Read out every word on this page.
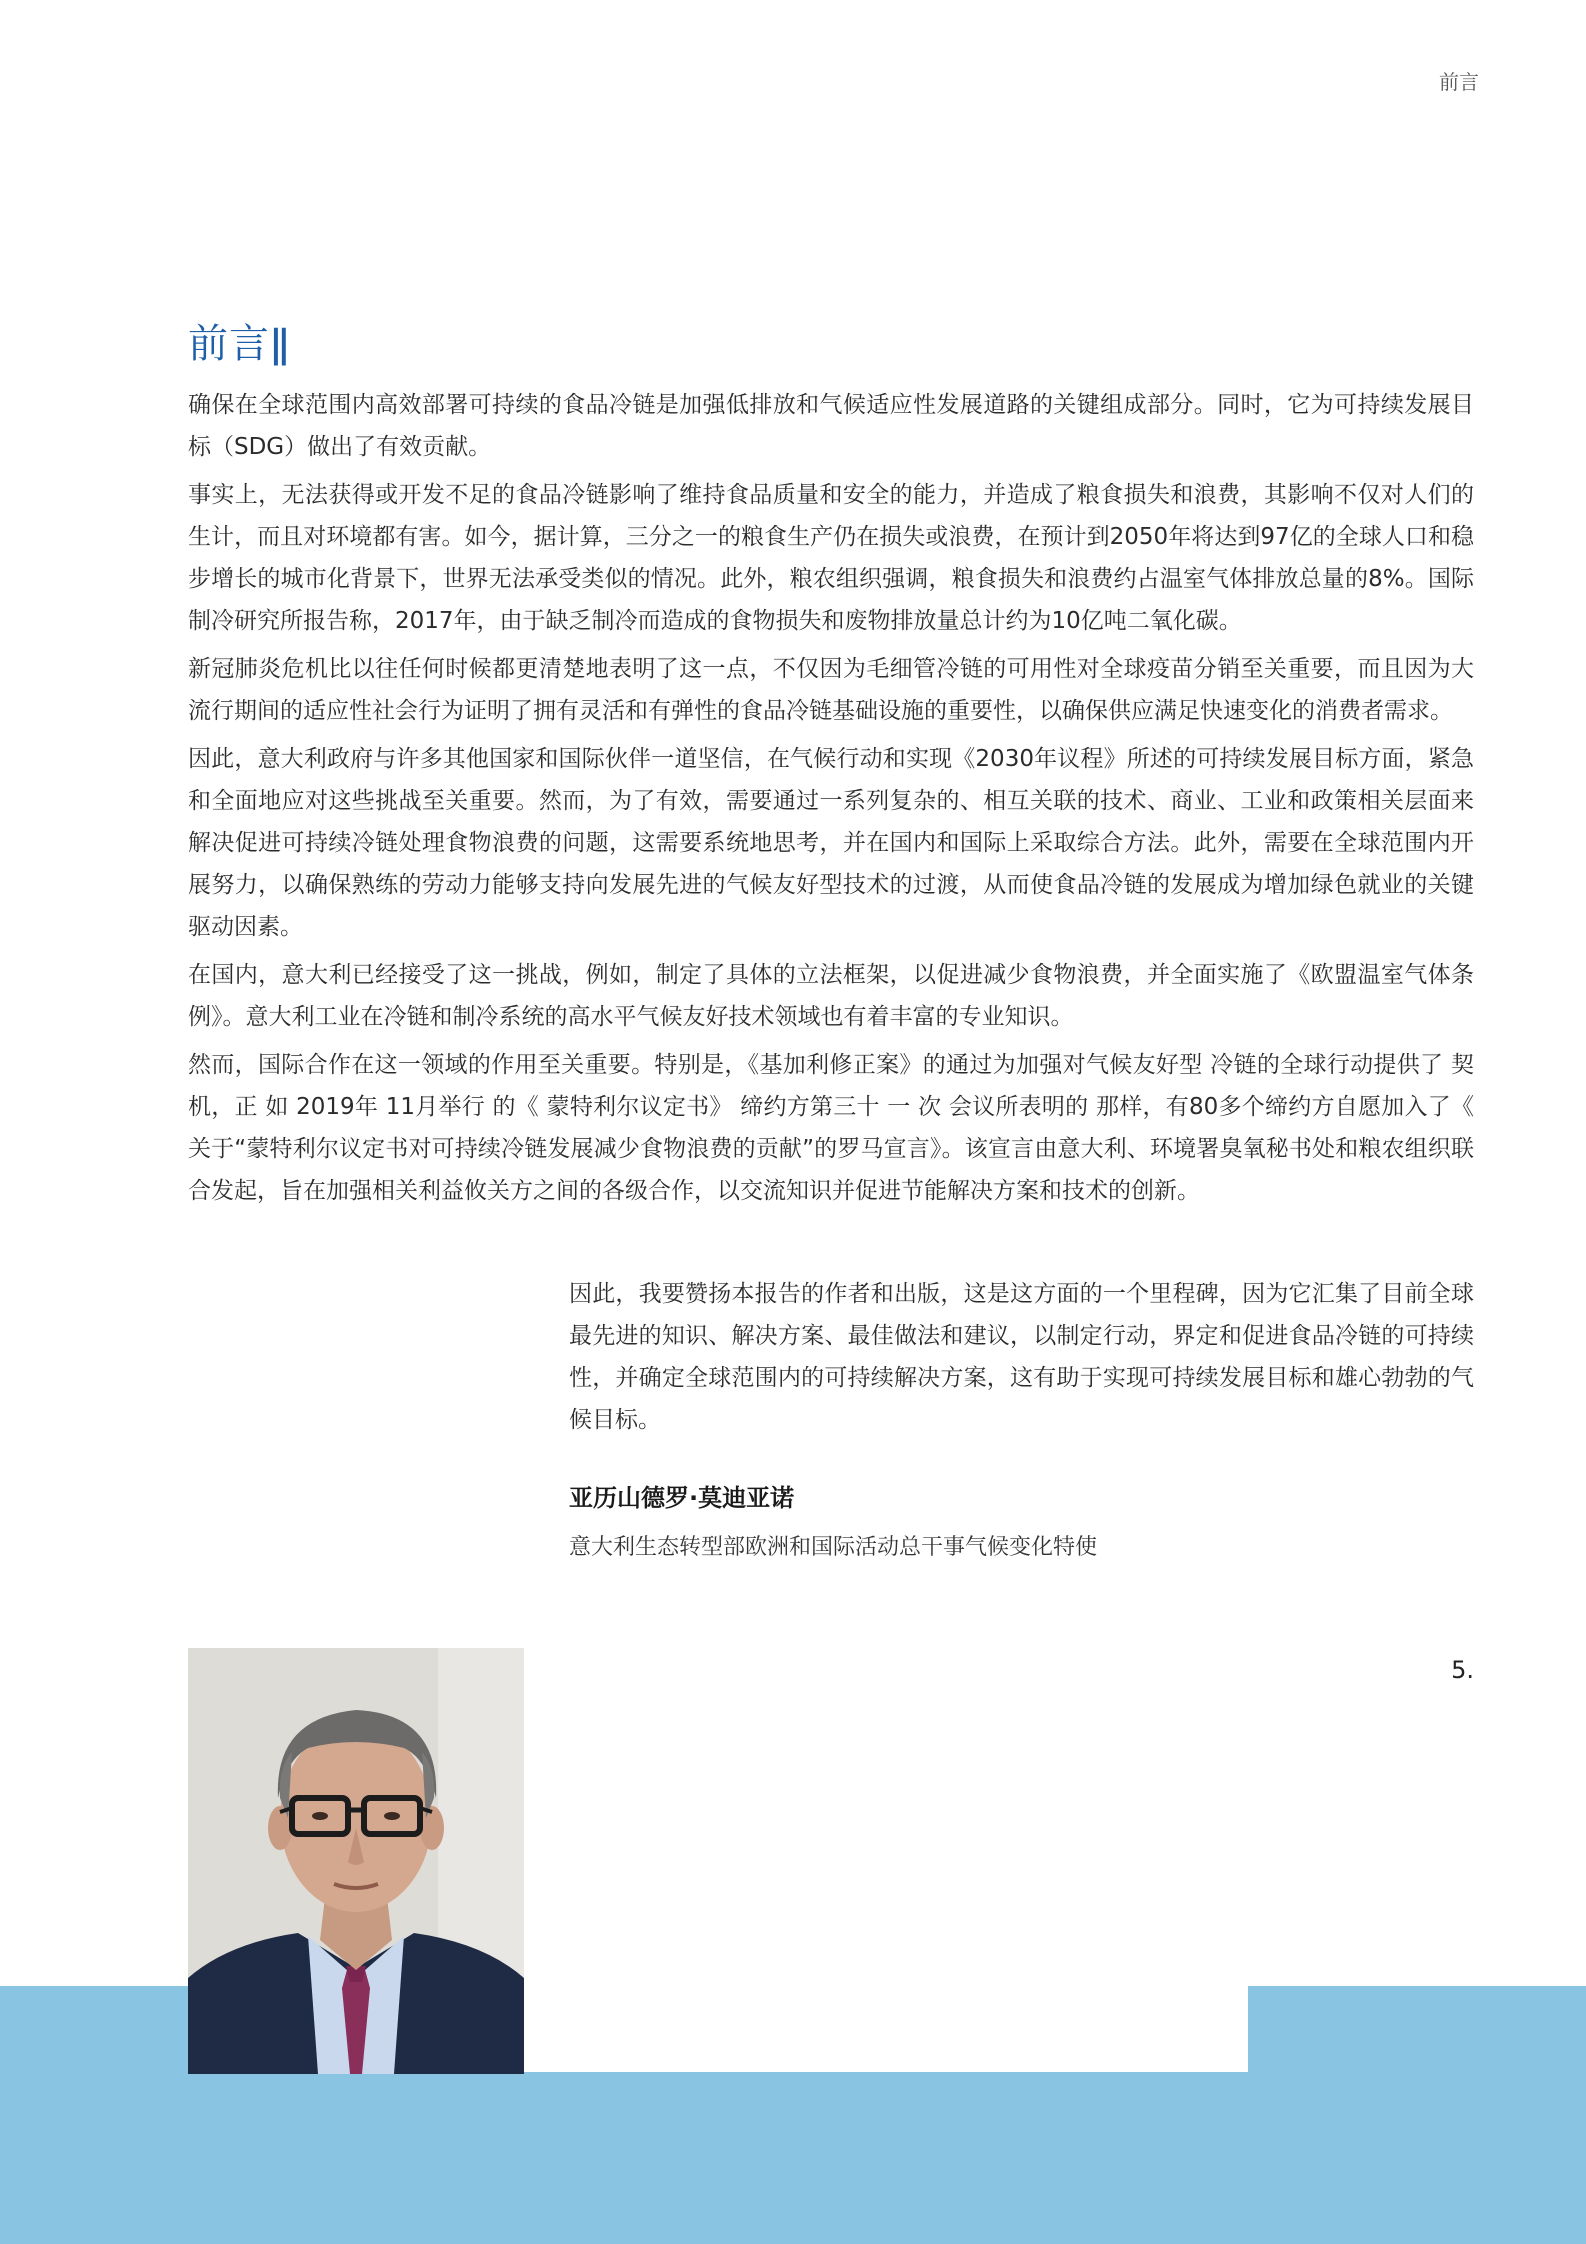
前言
前言ǁ

确保在全球范围内高效部署可持续的食品冷链是加强低排放和气候适应性发展道路的关键组成部分。同时，它为可持续发展目标（SDG）做出了有效贡献。

事实上，无法获得或开发不足的食品冷链影响了维持食品质量和安全的能力，并造成了粮食损失和浪费，其影响不仅对人们的生计，而且对环境都有害。如今，据计算，三分之一的粮食生产仍在损失或浪费，在预计到2050年将达到97亿的全球人口和稳步增长的城市化背景下，世界无法承受类似的情况。此外，粮农组织强调，粮食损失和浪费约占温室气体排放总量的8%。国际制冷研究所报告称，2017年，由于缺乏制冷而造成的食物损失和废物排放量总计约为10亿吨二氧化碳。

新冠肺炎危机比以往任何时候都更清楚地表明了这一点，不仅因为毛细管冷链的可用性对全球疫苗分销至关重要，而且因为大流行期间的适应性社会行为证明了拥有灵活和有弹性的食品冷链基础设施的重要性，以确保供应满足快速变化的消费者需求。

因此，意大利政府与许多其他国家和国际伙伴一道坚信，在气候行动和实现《2030年议程》所述的可持续发展目标方面，紧急和全面地应对这些挑战至关重要。然而，为了有效，需要通过一系列复杂的、相互关联的技术、商业、工业和政策相关层面来解决促进可持续冷链处理食物浪费的问题，这需要系统地思考，并在国内和国际上采取综合方法。此外，需要在全球范围内开展努力，以确保熟练的劳动力能够支持向发展先进的气候友好型技术的过渡，从而使食品冷链的发展成为增加绿色就业的关键驱动因素。

在国内，意大利已经接受了这一挑战，例如，制定了具体的立法框架，以促进减少食物浪费，并全面实施了《欧盟温室气体条例》。意大利工业在冷链和制冷系统的高水平气候友好技术领域也有着丰富的专业知识。

然而，国际合作在这一领域的作用至关重要。特别是，《基加利修正案》的通过为加强对气候友好型 冷链的全球行动提供了 契机，正 如 2019年 11月举行 的《 蒙特利尔议定书》 缔约方第三十 一 次 会议所表明的 那样，有80多个缔约方自愿加入了《 关于“蒙特利尔议定书对可持续冷链发展减少食物浪费的贡献”的罗马宣言》。该宣言由意大利、环境署臭氧秘书处和粮农组织联合发起，旨在加强相关利益攸关方之间的各级合作，以交流知识并促进节能解决方案和技术的创新。

因此，我要赞扬本报告的作者和出版，这是这方面的一个里程碑，因为它汇集了目前全球最先进的知识、解决方案、最佳做法和建议，以制定行动，界定和促进食品冷链的可持续性，并确定全球范围内的可持续解决方案，这有助于实现可持续发展目标和雄心勃勃的气候目标。

亚历山德罗·莫迪亚诺
意大利生态转型部欧洲和国际活动总干事气候变化特使
5.
